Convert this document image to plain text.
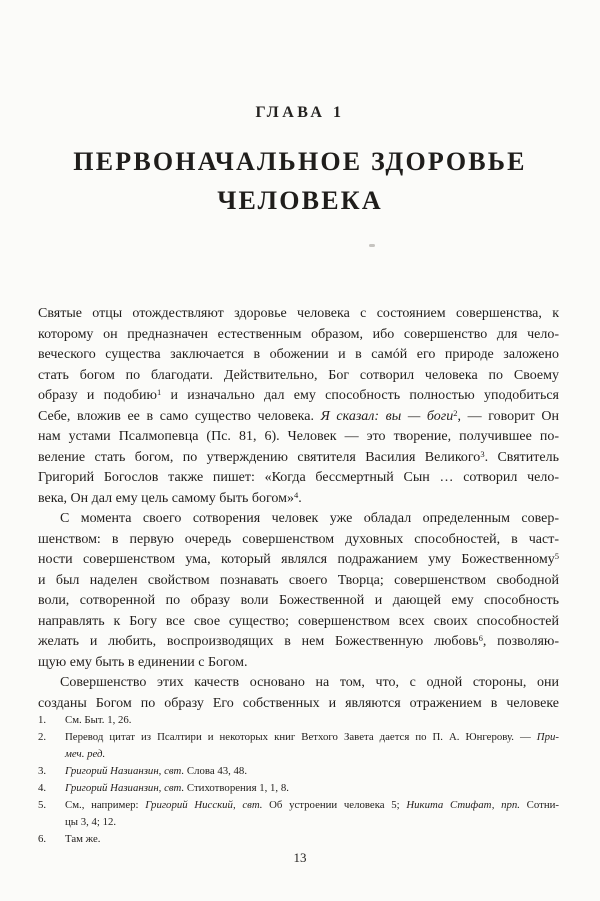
ГЛАВА 1
ПЕРВОНАЧАЛЬНОЕ ЗДОРОВЬЕ
ЧЕЛОВЕКА
Святые отцы отождествляют здоровье человека с состоянием совершенства, к
которому он предназначен естественным образом, ибо совершенство для чело-
веческого существа заключается в обожении и в самóй его природе заложено
стать богом по благодати. Действительно, Бог сотворил человека по Своему
образу и подобию$^1$ и изначально дал ему способность полностью уподобиться
Себе, вложив ее в само существо человека. Я сказал: вы — боги$^2$, — говорит Он
нам устами Псалмопевца (Пс. 81, 6). Человек — это творение, получившее по-
веление стать богом, по утверждению святителя Василия Великого$^3$. Святитель
Григорий Богослов также пишет: «Когда бессмертный Сын … сотворил чело-
века, Он дал ему цель самому быть богом»$^4$.
С момента своего сотворения человек уже обладал определенным совер-
шенством: в первую очередь совершенством духовных способностей, в част-
ности совершенством ума, который являлся подражанием уму Божественному$^5$
и был наделен свойством познавать своего Творца; совершенством свободной
воли, сотворенной по образу воли Божественной и дающей ему способность
направлять к Богу все свое существо; совершенством всех своих способностей
желать и любить, воспроизводящих в нем Божественную любовь$^6$, позволяю-
щую ему быть в единении с Богом.
Совершенство этих качеств основано на том, что, с одной стороны, они
созданы Богом по образу Его собственных и являются отражением в человеке
1.	См. Быт. 1, 26.
2.	Перевод цитат из Псалтири и некоторых книг Ветхого Завета дается по П. А. Юнгерову. — При-
меч. ред.
3.	Григорий Назианзин, свт. Слова 43, 48.
4.	Григорий Назианзин, свт. Стихотворения 1, 1, 8.
5.	См., например: Григорий Нисский, свт. Об устроении человека 5; Никита Стифат, прп. Сотни-
цы 3, 4; 12.
6.	Там же.
13
